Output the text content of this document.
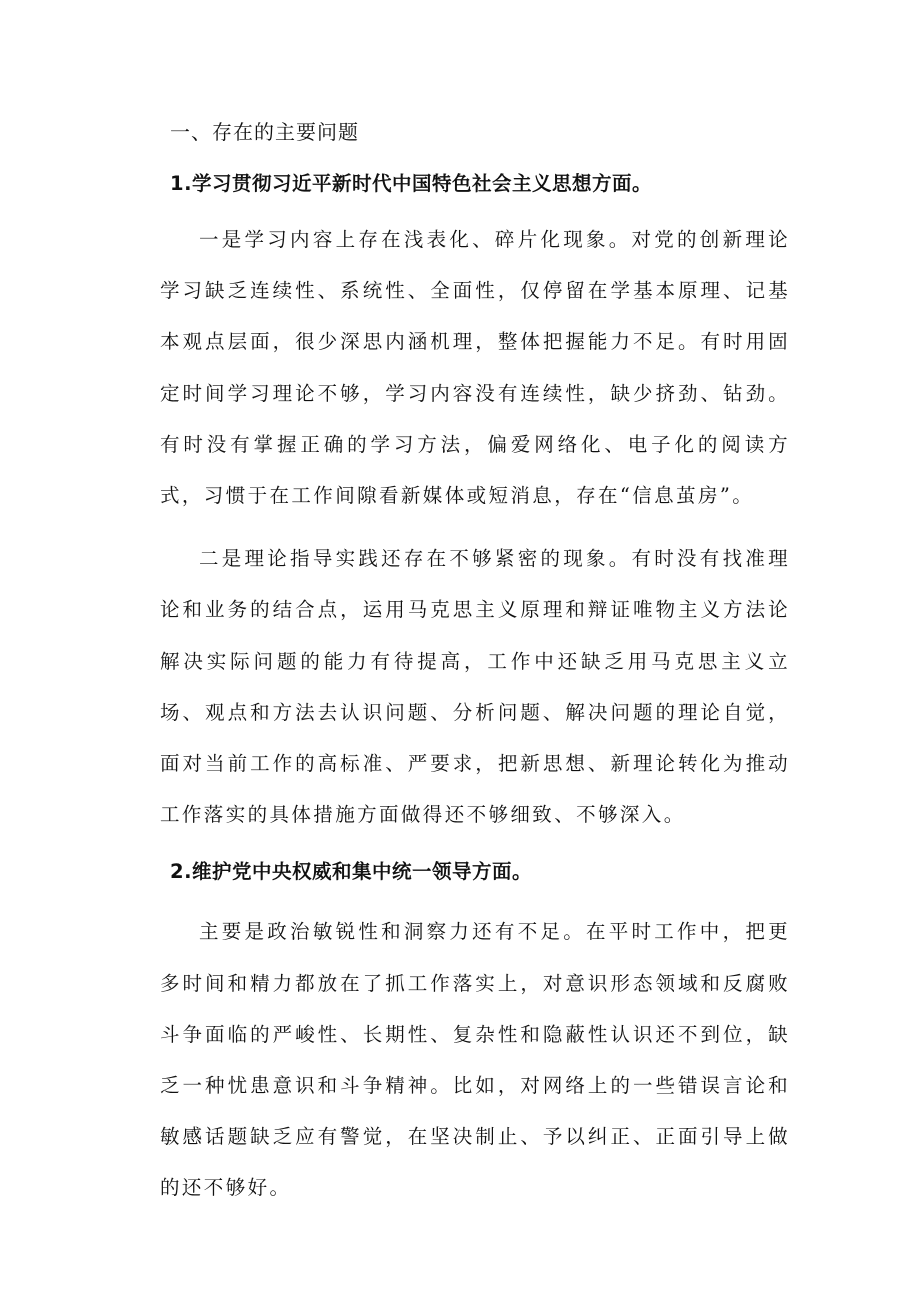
一、存在的主要问题
1.学习贯彻习近平新时代中国特色社会主义思想方面。

一是学习内容上存在浅表化、碎片化现象。对党的创新理论学习缺乏连续性、系统性、全面性，仅停留在学基本原理、记基本观点层面，很少深思内涵机理，整体把握能力不足。有时用固定时间学习理论不够，学习内容没有连续性，缺少挤劲、钻劲。有时没有掌握正确的学习方法，偏爱网络化、电子化的阅读方式，习惯于在工作间隙看新媒体或短消息，存在“信息茧房”。

二是理论指导实践还存在不够紧密的现象。有时没有找准理论和业务的结合点，运用马克思主义原理和辩证唯物主义方法论解决实际问题的能力有待提高，工作中还缺乏用马克思主义立场、观点和方法去认识问题、分析问题、解决问题的理论自觉，面对当前工作的高标准、严要求，把新思想、新理论转化为推动工作落实的具体措施方面做得还不够细致、不够深入。

2.维护党中央权威和集中统一领导方面。

主要是政治敏锐性和洞察力还有不足。在平时工作中，把更多时间和精力都放在了抓工作落实上，对意识形态领域和反腐败斗争面临的严峻性、长期性、复杂性和隐蔽性认识还不到位，缺乏一种忧患意识和斗争精神。比如，对网络上的一些错误言论和敏感话题缺乏应有警觉，在坚决制止、予以纠正、正面引导上做的还不够好。
